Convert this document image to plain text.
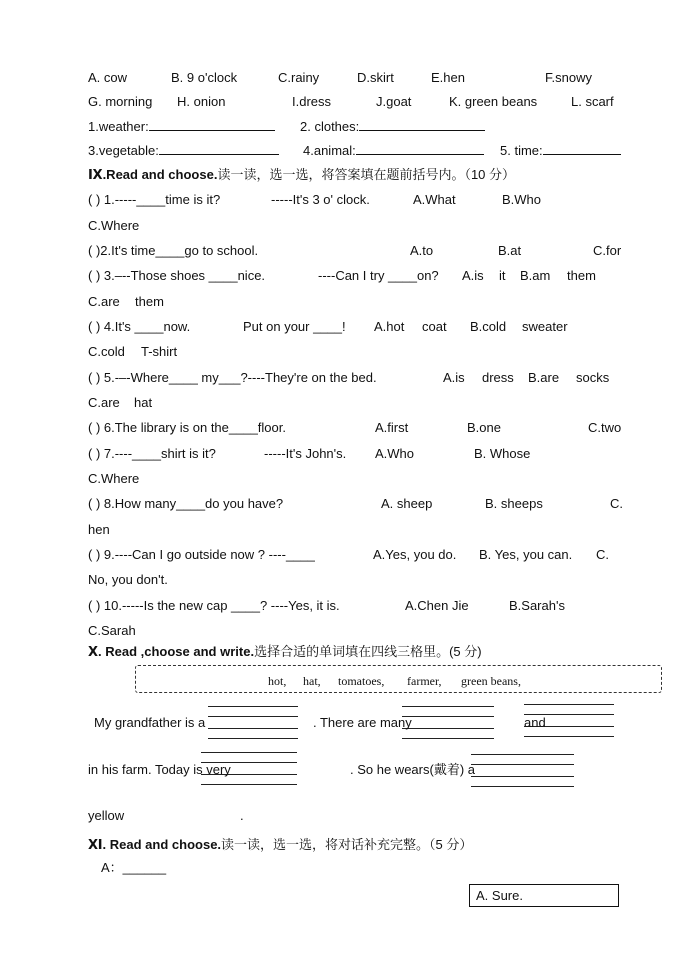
A. cow	B. 9 o'clock	C.rainy	D.skirt	E.hen	F.snowy
G. morning H. onion	I.dress	J.goat	K. green beans	L. scarf
1.weather:	2. clothes:
3.vegetable:	4.animal:	5. time:
Ⅸ.Read and choose.读一读，选一选，将答案填在题前括号内。（10 分）
( ) 1.-----____time is it?	-----It's 3 o' clock.	A.What	B.Who
C.Where
( )2.It's time____go to school.	A.to	B.at	C.for
( ) 3.–--Those shoes ____nice.	----Can I try ____on? A.is it B.am them
C.are them
( ) 4.It's ____now.	Put on your ____! A.hot coat B.cold sweater
C.cold T-shirt
( ) 5.-–-Where____ my___?----They're on the bed.	A.is dress B.are socks
C.are hat
( ) 6.The library is on the____floor.	A.first	B.one	C.two
( ) 7.----____shirt is it?	-----It's John's. A.Who	B. Whose
C.Where
( ) 8.How many____do you have?	A. sheep	B. sheeps	C.
hen
( ) 9.----Can I go outside now ? ----____	A.Yes, you do. B. Yes, you can. C.
No, you don't.
( ) 10.-----Is the new cap ____? ----Yes, it is.	A.Chen Jie	B.Sarah's
C.Sarah
Ⅹ. Read ,choose and write.选择合适的单词填在四线三格里。(5 分)
hot, hat, tomatoes, farmer, green beans,
My grandfather is a	. There are many	and
in his farm. Today is very	. So he wears(戴着) a
yellow	.
Ⅺ. Read and choose.读一读，选一选，将对话补充完整。（5 分）
A：______
A. Sure.
